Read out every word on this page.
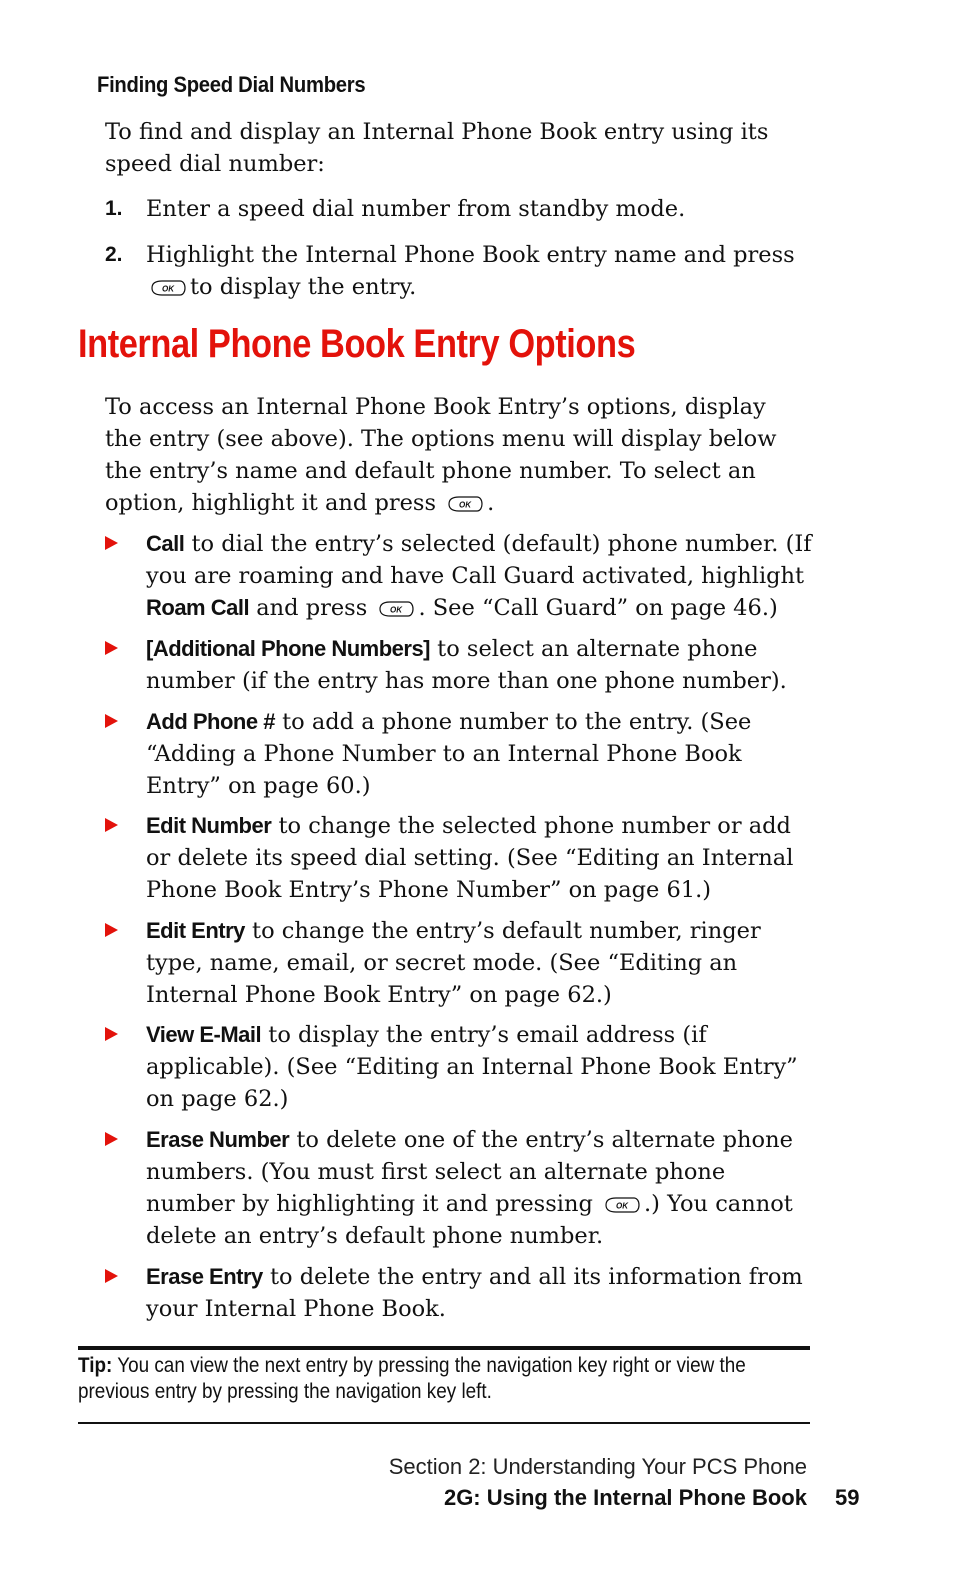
Finding Speed Dial Numbers
To find and display an Internal Phone Book entry using its speed dial number:
1. Enter a speed dial number from standby mode.
2. Highlight the Internal Phone Book entry name and press

OK to display the entry.
Internal Phone Book Entry Options
To access an Internal Phone Book Entry’s options, display the entry (see above). The options menu will display below the entry’s name and default phone number. To select an option, highlight it and press	OK .
Call to dial the entry’s selected (default) phone number. (If you are roaming and have Call Guard activated, highlight Roam Call and press	OK . See “Call Guard” on page 46.)
[Additional Phone Numbers] to select an alternate phone number (if the entry has more than one phone number).
Add Phone # to add a phone number to the entry. (See “Adding a Phone Number to an Internal Phone Book Entry” on page 60.)
Edit Number to change the selected phone number or add or delete its speed dial setting. (See “Editing an Internal Phone Book Entry’s Phone Number” on page 61.)
Edit Entry to change the entry’s default number, ringer type, name, email, or secret mode. (See “Editing an Internal Phone Book Entry” on page 62.)
View E-Mail to display the entry’s email address (if applicable). (See “Editing an Internal Phone Book Entry” on page 62.)
Erase Number to delete one of the entry’s alternate phone numbers. (You must first select an alternate phone number by highlighting it and pressing	OK .) You cannot delete an entry’s default phone number.
Erase Entry to delete the entry and all its information from your Internal Phone Book.
Tip: You can view the next entry by pressing the navigation key right or view the previous entry by pressing the navigation key left.
Section 2: Understanding Your PCS Phone
2G: Using the Internal Phone Book 59
